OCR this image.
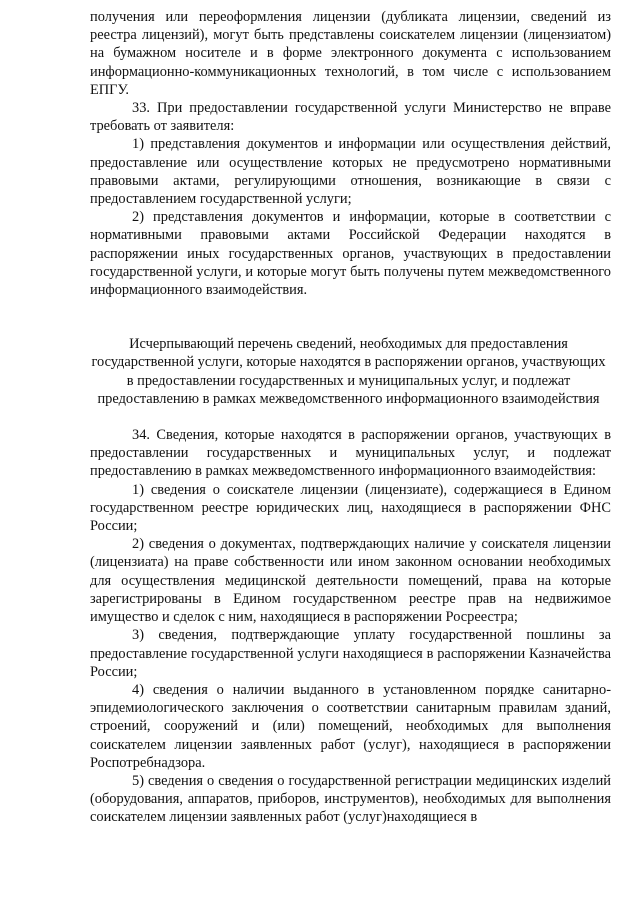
получения или переоформления лицензии (дубликата лицензии, сведений из реестра лицензий), могут быть представлены соискателем лицензии (лицензиатом) на бумажном носителе и в форме электронного документа с использованием информационно-коммуникационных технологий, в том числе с использованием ЕПГУ.

33. При предоставлении государственной услуги Министерство не вправе требовать от заявителя:

1) представления документов и информации или осуществления действий, предоставление или осуществление которых не предусмотрено нормативными правовыми актами, регулирующими отношения, возникающие в связи с предоставлением государственной услуги;

2) представления документов и информации, которые в соответствии с нормативными правовыми актами Российской Федерации находятся в распоряжении иных государственных органов, участвующих в предоставлении государственной услуги, и которые могут быть получены путем межведомственного информационного взаимодействия.

Исчерпывающий перечень сведений, необходимых для предоставления государственной услуги, которые находятся в распоряжении органов, участвующих в предоставлении государственных и муниципальных услуг, и подлежат предоставлению в рамках межведомственного информационного взаимодействия

34. Сведения, которые находятся в распоряжении органов, участвующих в предоставлении государственных и муниципальных услуг, и подлежат предоставлению в рамках межведомственного информационного взаимодействия:

1) сведения о соискателе лицензии (лицензиате), содержащиеся в Едином государственном реестре юридических лиц, находящиеся в распоряжении ФНС России;

2) сведения о документах, подтверждающих наличие у соискателя лицензии (лицензиата) на праве собственности или ином законном основании необходимых для осуществления медицинской деятельности помещений, права на которые зарегистрированы в Едином государственном реестре прав на недвижимое имущество и сделок с ним, находящиеся в распоряжении Росреестра;

3) сведения, подтверждающие уплату государственной пошлины за предоставление государственной услуги находящиеся в распоряжении Казначейства России;

4) сведения о наличии выданного в установленном порядке санитарно-эпидемиологического заключения о соответствии санитарным правилам зданий, строений, сооружений и (или) помещений, необходимых для выполнения соискателем лицензии заявленных работ (услуг), находящиеся в распоряжении Роспотребнадзора.

5) сведения о сведения о государственной регистрации медицинских изделий (оборудования, аппаратов, приборов, инструментов), необходимых для выполнения соискателем лицензии заявленных работ (услуг)находящиеся в
